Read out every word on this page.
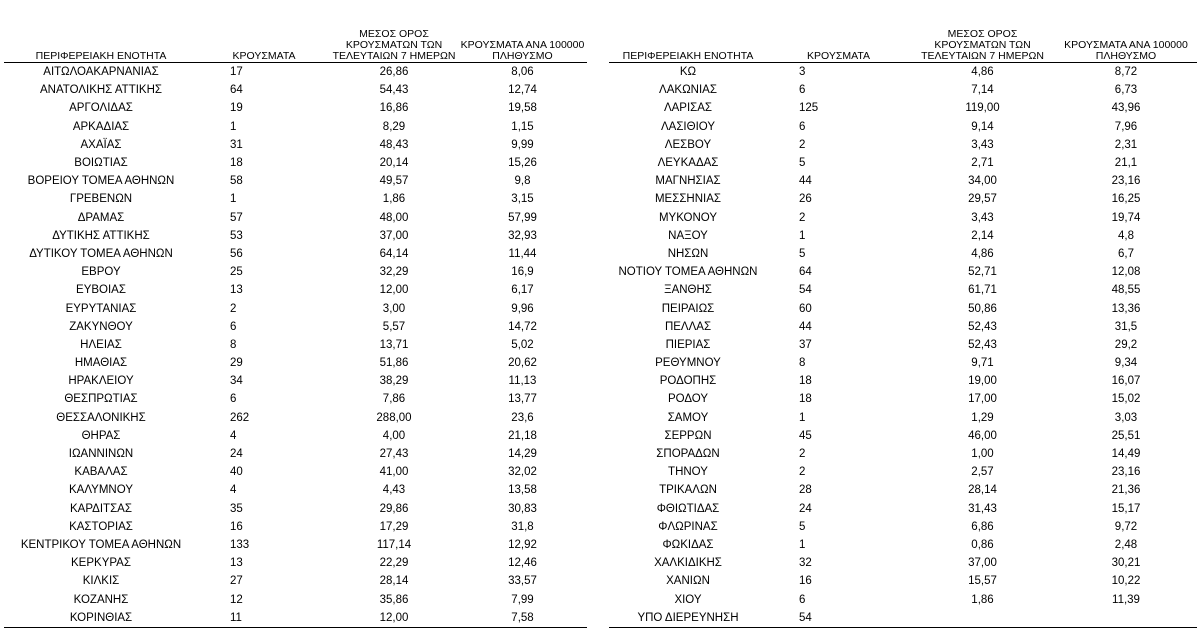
ΠΕΡΙΦΕΡΕΙΑΚΗ ΕΝΟΤΗΤΑ	ΚΡΟΥΣΜΑΤΑ	ΜΕΣΟΣ ΟΡΟΣ ΚΡΟΥΣΜΑΤΩΝ ΤΩΝ ΤΕΛΕΥΤΑΙΩΝ 7 ΗΜΕΡΩΝ	ΚΡΟΥΣΜΑΤΑ ΑΝΑ 100000 ΠΛΗΘΥΣΜΟ
ΑΙΤΩΛΟΑΚΑΡΝΑΝΙΑΣ	17	26,86	8,06
ΑΝΑΤΟΛΙΚΗΣ ΑΤΤΙΚΗΣ	64	54,43	12,74
ΑΡΓΟΛΙΔΑΣ	19	16,86	19,58
ΑΡΚΑΔΙΑΣ	1	8,29	1,15
ΑΧΑΪΑΣ	31	48,43	9,99
ΒΟΙΩΤΙΑΣ	18	20,14	15,26
ΒΟΡΕΙΟΥ ΤΟΜΕΑ ΑΘΗΝΩΝ	58	49,57	9,8
ΓΡΕΒΕΝΩΝ	1	1,86	3,15
ΔΡΑΜΑΣ	57	48,00	57,99
ΔΥΤΙΚΗΣ ΑΤΤΙΚΗΣ	53	37,00	32,93
ΔΥΤΙΚΟΥ ΤΟΜΕΑ ΑΘΗΝΩΝ	56	64,14	11,44
ΕΒΡΟΥ	25	32,29	16,9
ΕΥΒΟΙΑΣ	13	12,00	6,17
ΕΥΡΥΤΑΝΙΑΣ	2	3,00	9,96
ΖΑΚΥΝΘΟΥ	6	5,57	14,72
ΗΛΕΙΑΣ	8	13,71	5,02
ΗΜΑΘΙΑΣ	29	51,86	20,62
ΗΡΑΚΛΕΙΟΥ	34	38,29	11,13
ΘΕΣΠΡΩΤΙΑΣ	6	7,86	13,77
ΘΕΣΣΑΛΟΝΙΚΗΣ	262	288,00	23,6
ΘΗΡΑΣ	4	4,00	21,18
ΙΩΑΝΝΙΝΩΝ	24	27,43	14,29
ΚΑΒΑΛΑΣ	40	41,00	32,02
ΚΑΛΥΜΝΟΥ	4	4,43	13,58
ΚΑΡΔΙΤΣΑΣ	35	29,86	30,83
ΚΑΣΤΟΡΙΑΣ	16	17,29	31,8
ΚΕΝΤΡΙΚΟΥ ΤΟΜΕΑ ΑΘΗΝΩΝ	133	117,14	12,92
ΚΕΡΚΥΡΑΣ	13	22,29	12,46
ΚΙΛΚΙΣ	27	28,14	33,57
ΚΟΖΑΝΗΣ	12	35,86	7,99
ΚΟΡΙΝΘΙΑΣ	11	12,00	7,58
ΠΕΡΙΦΕΡΕΙΑΚΗ ΕΝΟΤΗΤΑ	ΚΡΟΥΣΜΑΤΑ	ΜΕΣΟΣ ΟΡΟΣ ΚΡΟΥΣΜΑΤΩΝ ΤΩΝ ΤΕΛΕΥΤΑΙΩΝ 7 ΗΜΕΡΩΝ	ΚΡΟΥΣΜΑΤΑ ΑΝΑ 100000 ΠΛΗΘΥΣΜΟ
ΚΩ	3	4,86	8,72
ΛΑΚΩΝΙΑΣ	6	7,14	6,73
ΛΑΡΙΣΑΣ	125	119,00	43,96
ΛΑΣΙΘΙΟΥ	6	9,14	7,96
ΛΕΣΒΟΥ	2	3,43	2,31
ΛΕΥΚΑΔΑΣ	5	2,71	21,1
ΜΑΓΝΗΣΙΑΣ	44	34,00	23,16
ΜΕΣΣΗΝΙΑΣ	26	29,57	16,25
ΜΥΚΟΝΟΥ	2	3,43	19,74
ΝΑΞΟΥ	1	2,14	4,8
ΝΗΣΩΝ	5	4,86	6,7
ΝΟΤΙΟΥ ΤΟΜΕΑ ΑΘΗΝΩΝ	64	52,71	12,08
ΞΑΝΘΗΣ	54	61,71	48,55
ΠΕΙΡΑΙΩΣ	60	50,86	13,36
ΠΕΛΛΑΣ	44	52,43	31,5
ΠΙΕΡΙΑΣ	37	52,43	29,2
ΡΕΘΥΜΝΟΥ	8	9,71	9,34
ΡΟΔΟΠΗΣ	18	19,00	16,07
ΡΟΔΟΥ	18	17,00	15,02
ΣΑΜΟΥ	1	1,29	3,03
ΣΕΡΡΩΝ	45	46,00	25,51
ΣΠΟΡΑΔΩΝ	2	1,00	14,49
ΤΗΝΟΥ	2	2,57	23,16
ΤΡΙΚΑΛΩΝ	28	28,14	21,36
ΦΘΙΩΤΙΔΑΣ	24	31,43	15,17
ΦΛΩΡΙΝΑΣ	5	6,86	9,72
ΦΩΚΙΔΑΣ	1	0,86	2,48
ΧΑΛΚΙΔΙΚΗΣ	32	37,00	30,21
ΧΑΝΙΩΝ	16	15,57	10,22
ΧΙΟΥ	6	1,86	11,39
ΥΠΟ ΔΙΕΡΕΥΝΗΣΗ	54		
